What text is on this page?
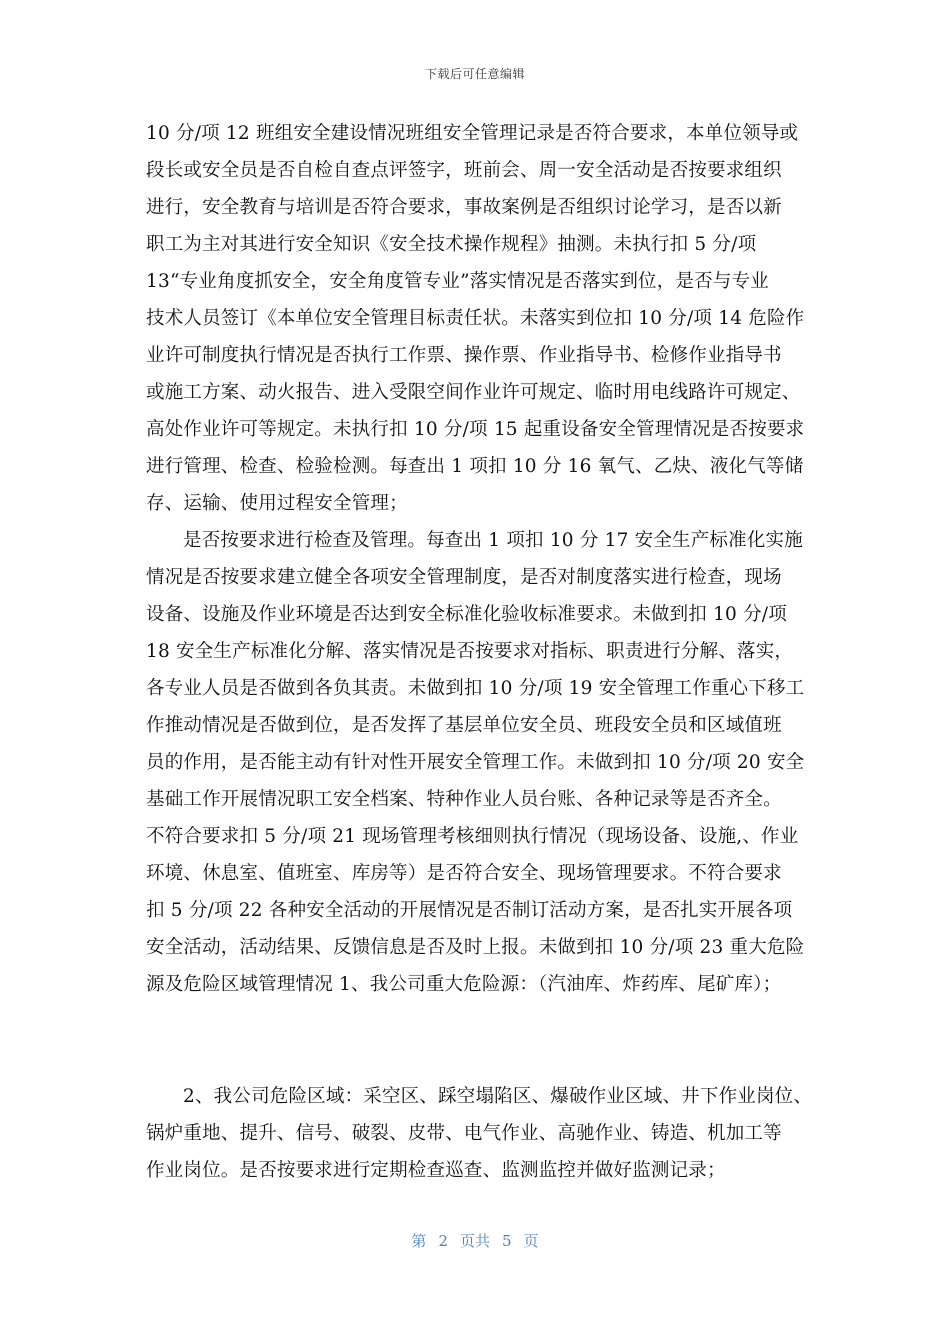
下载后可任意编辑
10 分/项 12 班组安全建设情况班组安全管理记录是否符合要求，本单位领导或
段长或安全员是否自检自查点评签字，班前会、周一安全活动是否按要求组织
进行，安全教育与培训是否符合要求，事故案例是否组织讨论学习，是否以新
职工为主对其进行安全知识《安全技术操作规程》抽测。未执行扣 5 分/项
13“专业角度抓安全，安全角度管专业”落实情况是否落实到位，是否与专业
技术人员签订《本单位安全管理目标责任状。未落实到位扣 10 分/项 14 危险作
业许可制度执行情况是否执行工作票、操作票、作业指导书、检修作业指导书
或施工方案、动火报告、进入受限空间作业许可规定、临时用电线路许可规定、
高处作业许可等规定。未执行扣 10 分/项 15 起重设备安全管理情况是否按要求
进行管理、检查、检验检测。每查出 1 项扣 10 分 16 氧气、乙炔、液化气等储
存、运输、使用过程安全管理；
是否按要求进行检查及管理。每查出 1 项扣 10 分 17 安全生产标准化实施
情况是否按要求建立健全各项安全管理制度，是否对制度落实进行检查，现场
设备、设施及作业环境是否达到安全标准化验收标准要求。未做到扣 10 分/项
18 安全生产标准化分解、落实情况是否按要求对指标、职责进行分解、落实，
各专业人员是否做到各负其责。未做到扣 10 分/项 19 安全管理工作重心下移工
作推动情况是否做到位，是否发挥了基层单位安全员、班段安全员和区域值班
员的作用，是否能主动有针对性开展安全管理工作。未做到扣 10 分/项 20 安全
基础工作开展情况职工安全档案、特种作业人员台账、各种记录等是否齐全。
不符合要求扣 5 分/项 21 现场管理考核细则执行情况（现场设备、设施,、作业
环境、休息室、值班室、库房等）是否符合安全、现场管理要求。不符合要求
扣 5 分/项 22 各种安全活动的开展情况是否制订活动方案，是否扎实开展各项
安全活动，活动结果、反馈信息是否及时上报。未做到扣 10 分/项 23 重大危险
源及危险区域管理情况 1、我公司重大危险源：（汽油库、炸药库、尾矿库）；
2、我公司危险区域：采空区、踩空塌陷区、爆破作业区域、井下作业岗位、
锅炉重地、提升、信号、破裂、皮带、电气作业、高驰作业、铸造、机加工等
作业岗位。是否按要求进行定期检查巡查、监测监控并做好监测记录；
第 2 页共 5 页
